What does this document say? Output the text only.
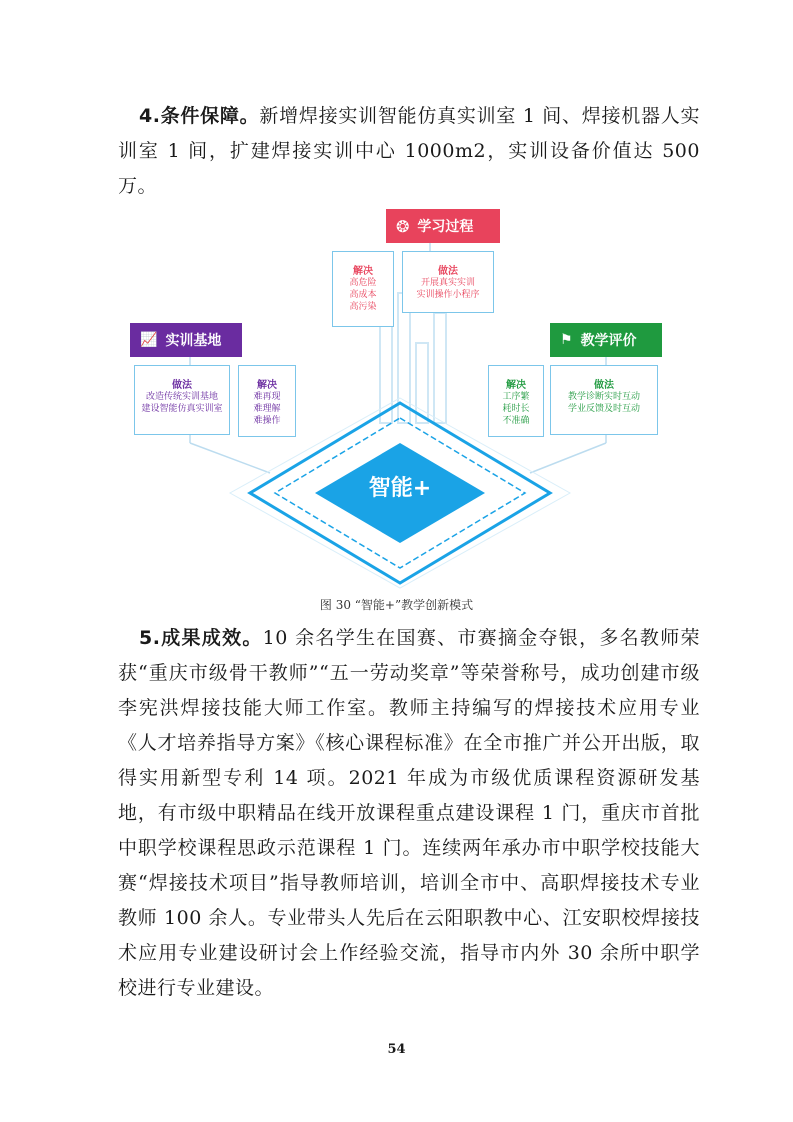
4.条件保障。新增焊接实训智能仿真实训室 1 间、焊接机器人实训室 1 间，扩建焊接实训中心 1000m2，实训设备价值达 500 万。

❂ 学习过程
📈 实训基地	⚑ 教学评价
解决
高危险
高成本
高污染
做法
开展真实实训
实训操作小程序
做法
改造传统实训基地
建设智能仿真实训室
解决
难再现
难理解
难操作
解决
工序繁
耗时长
不准确
做法
教学诊断实时互动
学业反馈及时互动
智能+
图 30 “智能+”教学创新模式

5.成果成效。10 余名学生在国赛、市赛摘金夺银，多名教师荣获“重庆市级骨干教师”“五一劳动奖章”等荣誉称号，成功创建市级李宪洪焊接技能大师工作室。教师主持编写的焊接技术应用专业《人才培养指导方案》《核心课程标准》在全市推广并公开出版，取得实用新型专利 14 项。2021 年成为市级优质课程资源研发基地，有市级中职精品在线开放课程重点建设课程 1 门，重庆市首批中职学校课程思政示范课程 1 门。连续两年承办市中职学校技能大赛“焊接技术项目”指导教师培训，培训全市中、高职焊接技术专业教师 100 余人。专业带头人先后在云阳职教中心、江安职校焊接技术应用专业建设研讨会上作经验交流，指导市内外 30 余所中职学校进行专业建设。

54
